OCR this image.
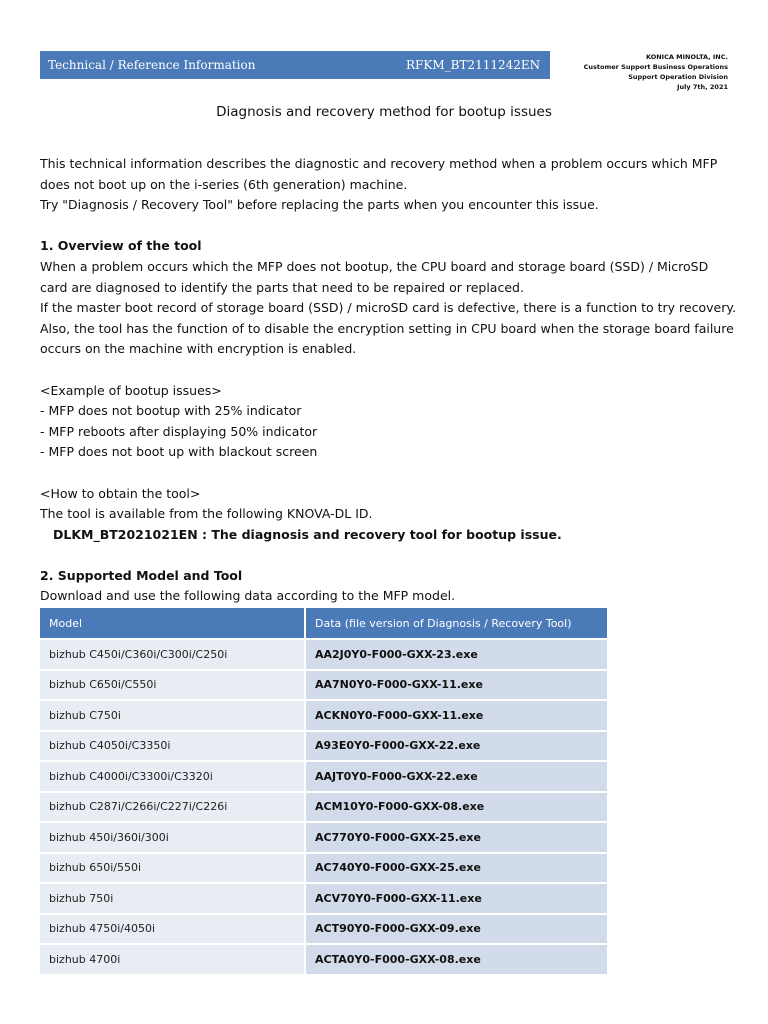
Technical / Reference Information	RFKM_BT2111242EN
KONICA MINOLTA, INC.
Customer Support Business Operations
Support Operation Division
July 7th, 2021
Diagnosis and recovery method for bootup issues
This technical information describes the diagnostic and recovery method when a problem occurs which MFP
does not boot up on the i-series (6th generation) machine.
Try "Diagnosis / Recovery Tool" before replacing the parts when you encounter this issue.
1. Overview of the tool
When a problem occurs which the MFP does not bootup, the CPU board and storage board (SSD) / MicroSD
card are diagnosed to identify the parts that need to be repaired or replaced.
If the master boot record of storage board (SSD) / microSD card is defective, there is a function to try recovery.
Also, the tool has the function of to disable the encryption setting in CPU board when the storage board failure
occurs on the machine with encryption is enabled.
<Example of bootup issues>
- MFP does not bootup with 25% indicator
- MFP reboots after displaying 50% indicator
- MFP does not boot up with blackout screen
<How to obtain the tool>
The tool is available from the following KNOVA-DL ID.
DLKM_BT2021021EN : The diagnosis and recovery tool for bootup issue.
2. Supported Model and Tool
Download and use the following data according to the MFP model.
Model	Data (file version of Diagnosis / Recovery Tool)
bizhub C450i/C360i/C300i/C250i	AA2J0Y0-F000-GXX-23.exe
bizhub C650i/C550i	AA7N0Y0-F000-GXX-11.exe
bizhub C750i	ACKN0Y0-F000-GXX-11.exe
bizhub C4050i/C3350i	A93E0Y0-F000-GXX-22.exe
bizhub C4000i/C3300i/C3320i	AAJT0Y0-F000-GXX-22.exe
bizhub C287i/C266i/C227i/C226i	ACM10Y0-F000-GXX-08.exe
bizhub 450i/360i/300i	AC770Y0-F000-GXX-25.exe
bizhub 650i/550i	AC740Y0-F000-GXX-25.exe
bizhub 750i	ACV70Y0-F000-GXX-11.exe
bizhub 4750i/4050i	ACT90Y0-F000-GXX-09.exe
bizhub 4700i	ACTA0Y0-F000-GXX-08.exe
